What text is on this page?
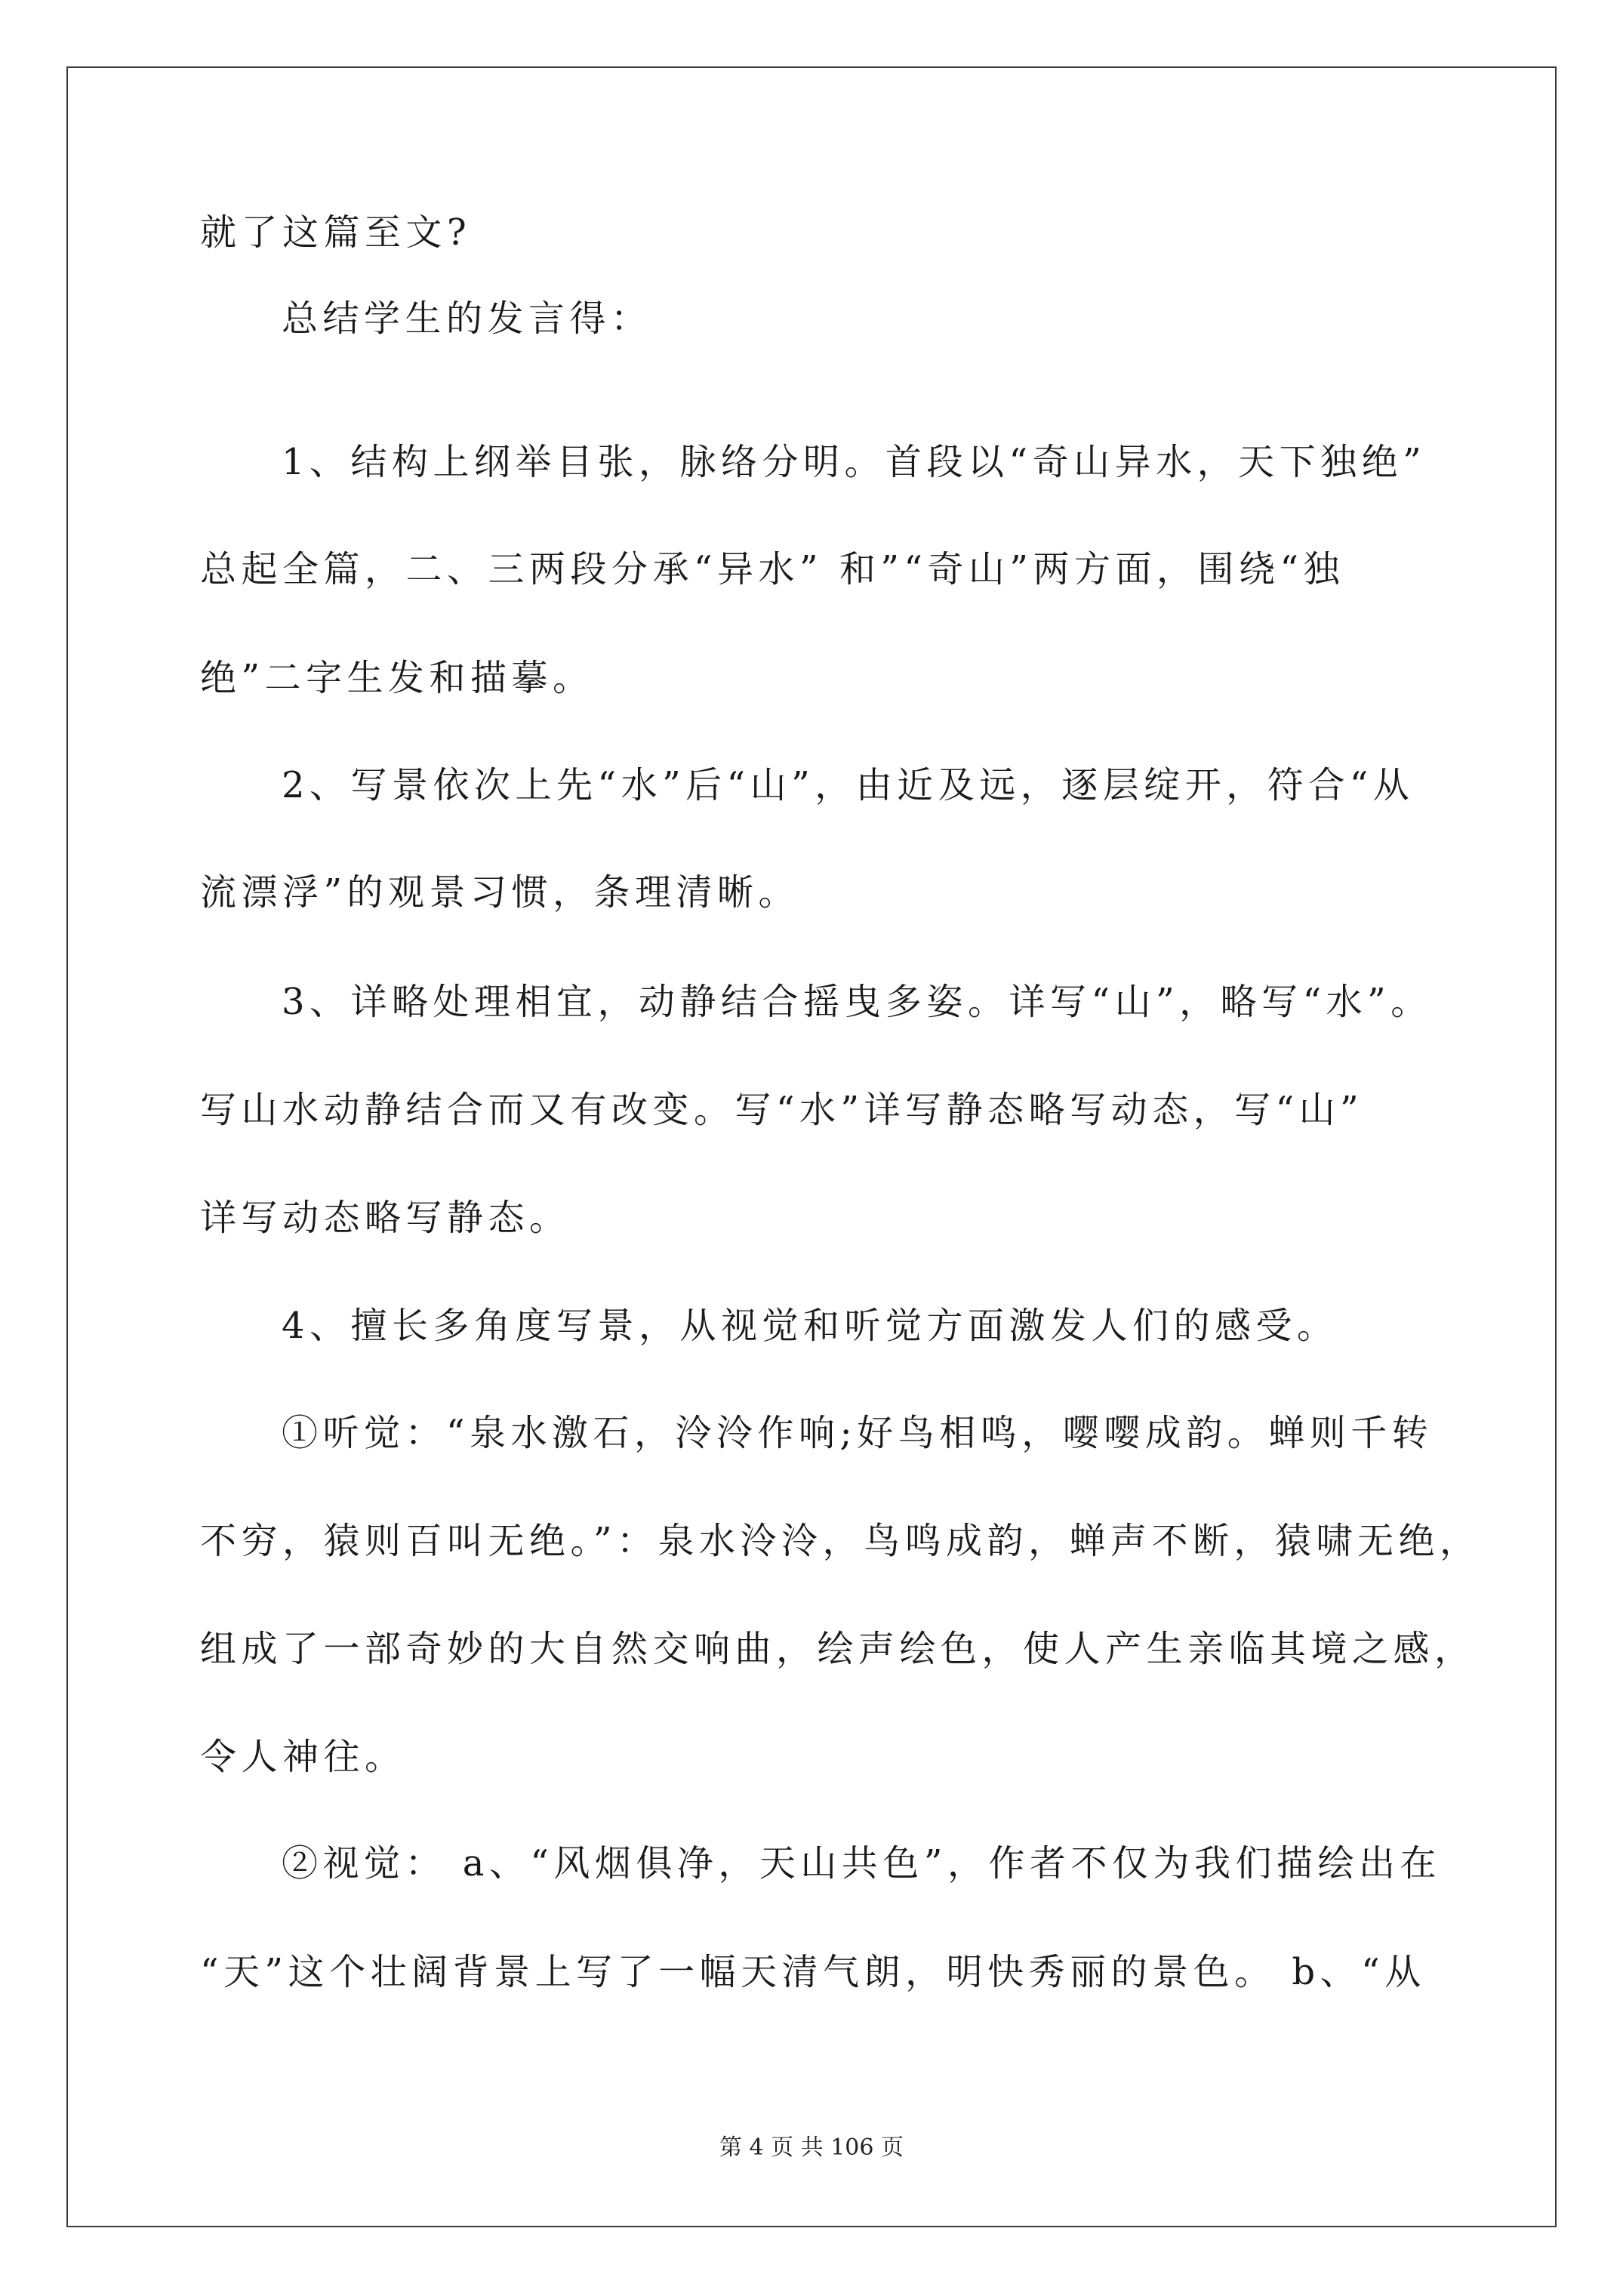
就了这篇至文?
总结学生的发言得：
1、结构上纲举目张，脉络分明。首段以“奇山异水，天下独绝”
总起全篇，二、三两段分承“异水” 和”“奇山”两方面，围绕“独
绝”二字生发和描摹。
2、写景依次上先“水”后“山”，由近及远，逐层绽开，符合“从
流漂浮”的观景习惯，条理清晰。
3、详略处理相宜，动静结合摇曳多姿。详写“山”，略写“水”。
写山水动静结合而又有改变。写“水”详写静态略写动态，写“山”
详写动态略写静态。
4、擅长多角度写景，从视觉和听觉方面激发人们的感受。
①听觉：“泉水激石，泠泠作响;好鸟相鸣，嘤嘤成韵。蝉则千转
不穷，猿则百叫无绝。”：泉水泠泠，鸟鸣成韵，蝉声不断，猿啸无绝，
组成了一部奇妙的大自然交响曲，绘声绘色，使人产生亲临其境之感，
令人神往。
②视觉： a、“风烟俱净，天山共色”，作者不仅为我们描绘出在
“天”这个壮阔背景上写了一幅天清气朗，明快秀丽的景色。 b、“从
第 4 页 共 106 页
